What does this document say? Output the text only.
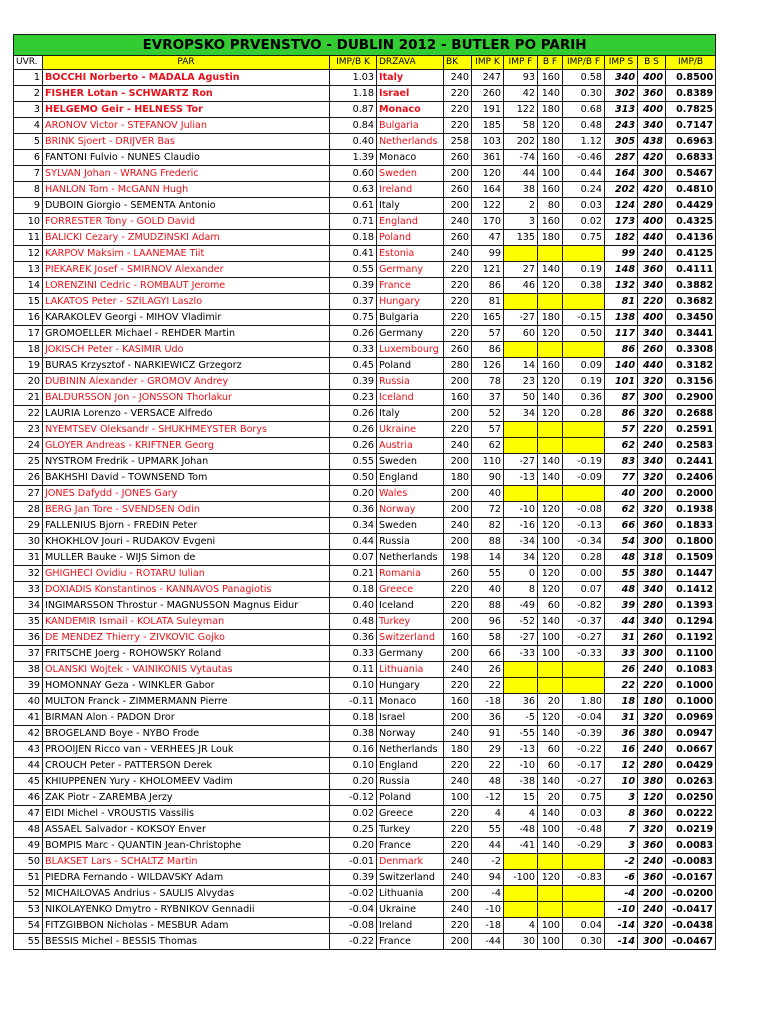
EVROPSKO PRVENSTVO - DUBLIN 2012 - BUTLER PO PARIH											
UVR.	PAR	IMP/B K	DRZAVA	BK	IMP K	IMP F	B F	IMP/B F	IMP S	B S	IMP/B
1	BOCCHI Norberto - MADALA Agustin	1.03	Italy	240	247	93	160	0.58	340	400	0.8500
2	FISHER Lotan - SCHWARTZ Ron	1.18	Israel	220	260	42	140	0.30	302	360	0.8389
3	HELGEMO Geir - HELNESS Tor	0.87	Monaco	220	191	122	180	0.68	313	400	0.7825
4	ARONOV Victor - STEFANOV Julian	0.84	Bulgaria	220	185	58	120	0.48	243	340	0.7147
5	BRINK Sjoert - DRIJVER Bas	0.40	Netherlands	258	103	202	180	1.12	305	438	0.6963
6	FANTONI Fulvio - NUNES Claudio	1.39	Monaco	260	361	-74	160	-0.46	287	420	0.6833
7	SYLVAN Johan - WRANG Frederic	0.60	Sweden	200	120	44	100	0.44	164	300	0.5467
8	HANLON Tom - McGANN Hugh	0.63	Ireland	260	164	38	160	0.24	202	420	0.4810
9	DUBOIN Giorgio - SEMENTA Antonio	0.61	Italy	200	122	2	80	0.03	124	280	0.4429
10	FORRESTER Tony - GOLD David	0.71	England	240	170	3	160	0.02	173	400	0.4325
11	BALICKI Cezary - ZMUDZINSKI Adam	0.18	Poland	260	47	135	180	0.75	182	440	0.4136
12	KARPOV Maksim - LAANEMAE Tiit	0.41	Estonia	240	99				99	240	0.4125
13	PIEKAREK Josef - SMIRNOV Alexander	0.55	Germany	220	121	27	140	0.19	148	360	0.4111
14	LORENZINI Cedric - ROMBAUT Jerome	0.39	France	220	86	46	120	0.38	132	340	0.3882
15	LAKATOS Peter - SZILAGYI Laszlo	0.37	Hungary	220	81				81	220	0.3682
16	KARAKOLEV Georgi - MIHOV Vladimir	0.75	Bulgaria	220	165	-27	180	-0.15	138	400	0.3450
17	GROMOELLER Michael - REHDER Martin	0.26	Germany	220	57	60	120	0.50	117	340	0.3441
18	JOKISCH Peter - KASIMIR Udo	0.33	Luxembourg	260	86				86	260	0.3308
19	BURAS Krzysztof - NARKIEWICZ Grzegorz	0.45	Poland	280	126	14	160	0.09	140	440	0.3182
20	DUBININ Alexander - GROMOV Andrey	0.39	Russia	200	78	23	120	0.19	101	320	0.3156
21	BALDURSSON Jon - JONSSON Thorlakur	0.23	Iceland	160	37	50	140	0.36	87	300	0.2900
22	LAURIA Lorenzo - VERSACE Alfredo	0.26	Italy	200	52	34	120	0.28	86	320	0.2688
23	NYEMTSEV Oleksandr - SHUKHMEYSTER Borys	0.26	Ukraine	220	57				57	220	0.2591
24	GLOYER Andreas - KRIFTNER Georg	0.26	Austria	240	62				62	240	0.2583
25	NYSTROM Fredrik - UPMARK Johan	0.55	Sweden	200	110	-27	140	-0.19	83	340	0.2441
26	BAKHSHI David - TOWNSEND Tom	0.50	England	180	90	-13	140	-0.09	77	320	0.2406
27	JONES Dafydd - JONES Gary	0.20	Wales	200	40				40	200	0.2000
28	BERG Jan Tore - SVENDSEN Odin	0.36	Norway	200	72	-10	120	-0.08	62	320	0.1938
29	FALLENIUS Bjorn - FREDIN Peter	0.34	Sweden	240	82	-16	120	-0.13	66	360	0.1833
30	KHOKHLOV Jouri - RUDAKOV Evgeni	0.44	Russia	200	88	-34	100	-0.34	54	300	0.1800
31	MULLER Bauke - WIJS Simon de	0.07	Netherlands	198	14	34	120	0.28	48	318	0.1509
32	GHIGHECI Ovidiu - ROTARU Iulian	0.21	Romania	260	55	0	120	0.00	55	380	0.1447
33	DOXIADIS Konstantinos - KANNAVOS Panagiotis	0.18	Greece	220	40	8	120	0.07	48	340	0.1412
34	INGIMARSSON Throstur - MAGNUSSON Magnus Eidur	0.40	Iceland	220	88	-49	60	-0.82	39	280	0.1393
35	KANDEMIR Ismail - KOLATA Suleyman	0.48	Turkey	200	96	-52	140	-0.37	44	340	0.1294
36	DE MENDEZ Thierry - ZIVKOVIC Gojko	0.36	Switzerland	160	58	-27	100	-0.27	31	260	0.1192
37	FRITSCHE Joerg - ROHOWSKY Roland	0.33	Germany	200	66	-33	100	-0.33	33	300	0.1100
38	OLANSKI Wojtek - VAINIKONIS Vytautas	0.11	Lithuania	240	26				26	240	0.1083
39	HOMONNAY Geza - WINKLER Gabor	0.10	Hungary	220	22				22	220	0.1000
40	MULTON Franck - ZIMMERMANN Pierre	-0.11	Monaco	160	-18	36	20	1.80	18	180	0.1000
41	BIRMAN Alon - PADON Dror	0.18	Israel	200	36	-5	120	-0.04	31	320	0.0969
42	BROGELAND Boye - NYBO Frode	0.38	Norway	240	91	-55	140	-0.39	36	380	0.0947
43	PROOIJEN Ricco van - VERHEES JR Louk	0.16	Netherlands	180	29	-13	60	-0.22	16	240	0.0667
44	CROUCH Peter - PATTERSON Derek	0.10	England	220	22	-10	60	-0.17	12	280	0.0429
45	KHIUPPENEN Yury - KHOLOMEEV Vadim	0.20	Russia	240	48	-38	140	-0.27	10	380	0.0263
46	ZAK Piotr - ZAREMBA Jerzy	-0.12	Poland	100	-12	15	20	0.75	3	120	0.0250
47	EIDI Michel - VROUSTIS Vassilis	0.02	Greece	220	4	4	140	0.03	8	360	0.0222
48	ASSAEL Salvador - KOKSOY Enver	0.25	Turkey	220	55	-48	100	-0.48	7	320	0.0219
49	BOMPIS Marc - QUANTIN Jean-Christophe	0.20	France	220	44	-41	140	-0.29	3	360	0.0083
50	BLAKSET Lars - SCHALTZ Martin	-0.01	Denmark	240	-2				-2	240	-0.0083
51	PIEDRA Fernando - WILDAVSKY Adam	0.39	Switzerland	240	94	-100	120	-0.83	-6	360	-0.0167
52	MICHAILOVAS Andrius - SAULIS Alvydas	-0.02	Lithuania	200	-4				-4	200	-0.0200
53	NIKOLAYENKO Dmytro - RYBNIKOV Gennadii	-0.04	Ukraine	240	-10				-10	240	-0.0417
54	FITZGIBBON Nicholas - MESBUR Adam	-0.08	Ireland	220	-18	4	100	0.04	-14	320	-0.0438
55	BESSIS Michel - BESSIS Thomas	-0.22	France	200	-44	30	100	0.30	-14	300	-0.0467
